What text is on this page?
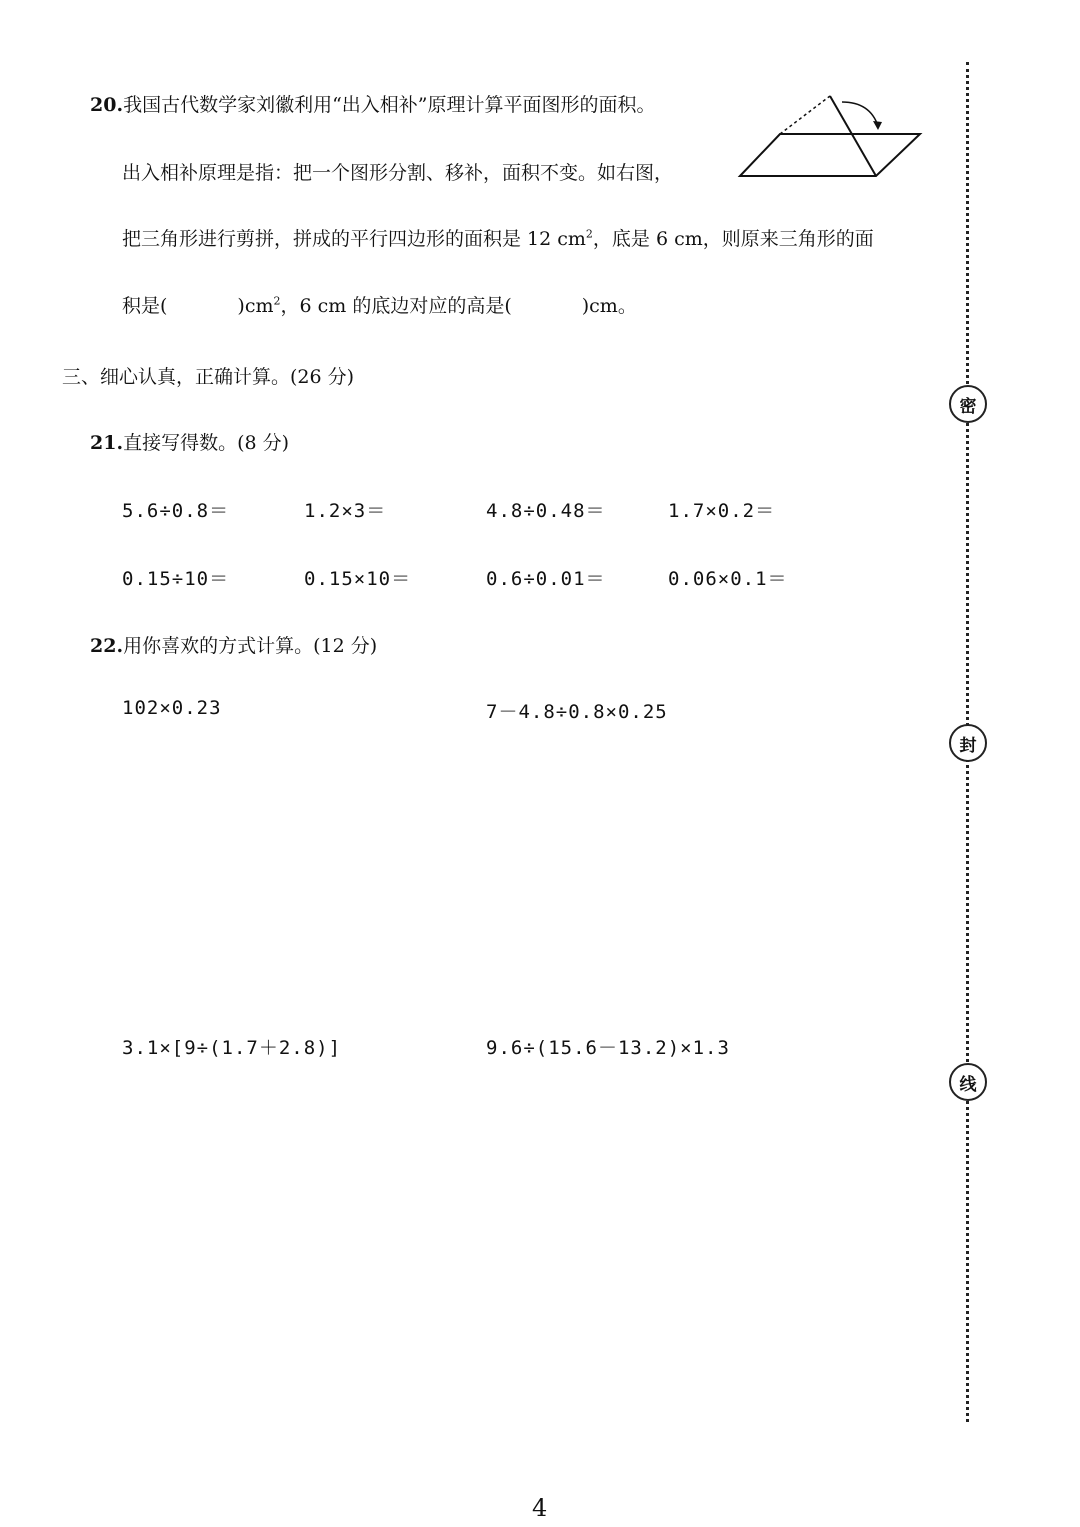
20.我国古代数学家刘徽利用“出入相补”原理计算平面图形的面积。
出入相补原理是指：把一个图形分割、移补，面积不变。如右图，
把三角形进行剪拼，拼成的平行四边形的面积是 12 $cm^2$，底是 6 cm，则原来三角形的面
积是(	)$cm^2$，6 cm 的底边对应的高是(	)cm。
三、细心认真，正确计算。(26 分)
21.直接写得数。(8 分)
5.6÷0.8＝	1.2×3＝	4.8÷0.48＝	1.7×0.2＝
0.15÷10＝	0.15×10＝	0.6÷0.01＝	0.06×0.1＝
22.用你喜欢的方式计算。(12 分)
102×0.23	7－4.8÷0.8×0.25
3.1×[9÷(1.7＋2.8)]	9.6÷(15.6－13.2)×1.3
密
封
线
4
